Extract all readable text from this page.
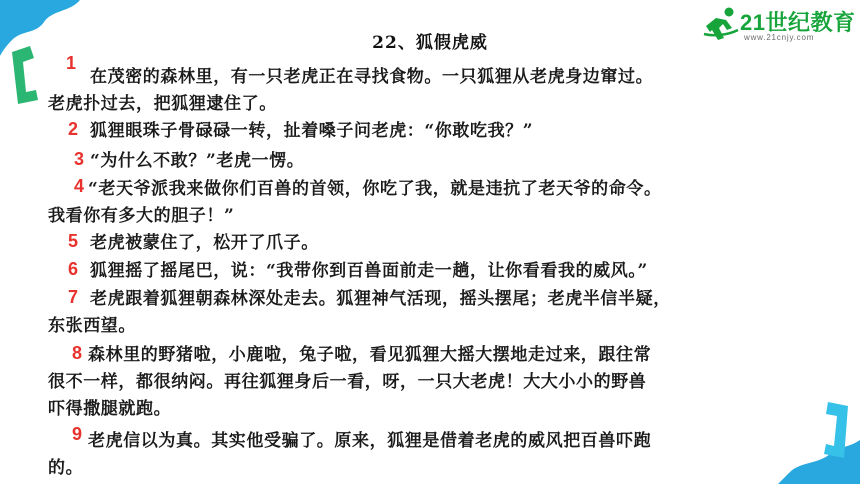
21世纪教育
www.21cnjy.com
22、狐假虎威
1
在茂密的森林里，有一只老虎正在寻找食物。一只狐狸从老虎身边窜过。
老虎扑过去，把狐狸逮住了。
2 狐狸眼珠子骨碌碌一转，扯着嗓子问老虎：“你敢吃我？”
3 “为什么不敢？”老虎一愣。
4 “老天爷派我来做你们百兽的首领，你吃了我，就是违抗了老天爷的命令。
我看你有多大的胆子！”
5 老虎被蒙住了，松开了爪子。
6 狐狸摇了摇尾巴，说：“我带你到百兽面前走一趟，让你看看我的威风。”
7 老虎跟着狐狸朝森林深处走去。狐狸神气活现，摇头摆尾；老虎半信半疑，
东张西望。
8 森林里的野猪啦，小鹿啦，兔子啦，看见狐狸大摇大摆地走过来，跟往常
很不一样，都很纳闷。再往狐狸身后一看，呀，一只大老虎！大大小小的野兽
吓得撒腿就跑。
9 老虎信以为真。其实他受骗了。原来，狐狸是借着老虎的威风把百兽吓跑
的。
